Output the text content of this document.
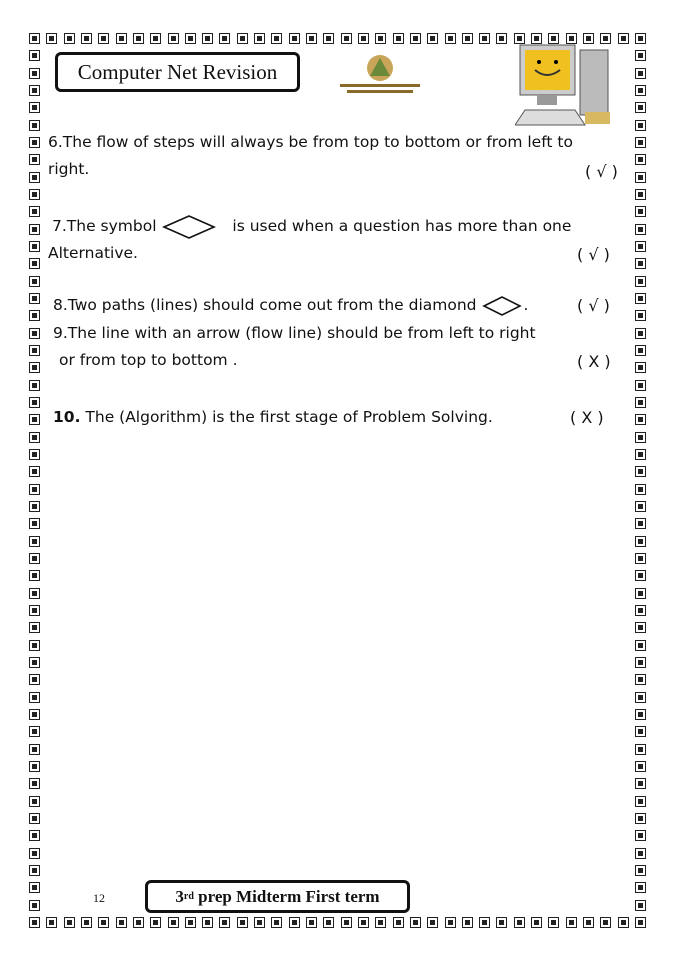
Computer Net Revision
6.The flow of steps will always be from top to bottom or from left to
right.	( √ )
7.The symbol	is used when a question has more than one
Alternative.	( √ )
8.Two paths (lines) should come out from the diamond	.	( √ )
9.The line with an arrow (flow line) should be from left to right
or from top to bottom .	( X )
10. The (Algorithm) is the first stage of Problem Solving.	( X )
12	3 rd prep Midterm First term
